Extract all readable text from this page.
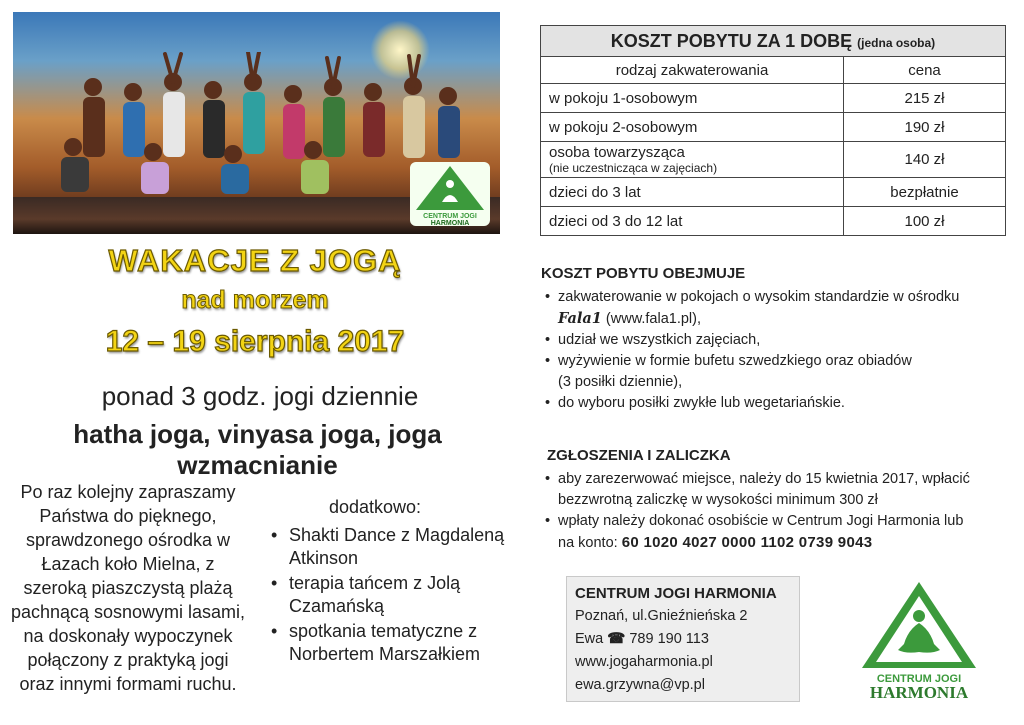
CENTRUM JOGI
HARMONIA
WAKACJE Z JOGĄ
nad morzem
12 – 19 sierpnia 2017
ponad 3 godz. jogi dziennie
hatha joga, vinyasa joga, joga wzmacnianie
Po raz kolejny zapraszamy
Państwa do pięknego,
sprawdzonego ośrodka w
Łazach koło Mielna, z
szeroką piaszczystą plażą
pachnącą sosnowymi lasami,
na doskonały wypoczynek
połączony z praktyką jogi
oraz innymi formami ruchu.
dodatkowo:
• Shakti Dance z Magdaleną Atkinson
• terapia tańcem z Jolą Czamańską
• spotkania tematyczne z Norbertem Marszałkiem
KOSZT POBYTU ZA 1 DOBĘ (jedna osoba)	
rodzaj zakwaterowania	cena
w pokoju 1-osobowym	215 zł
w pokoju 2-osobowym	190 zł

osoba towarzysząca
(nie uczestnicząca w zajęciach)	140 zł
dzieci do 3 lat	bezpłatnie
dzieci od 3 do 12 lat	100 zł
KOSZT POBYTU OBEJMUJE
• zakwaterowanie w pokojach o wysokim standardzie w ośrodku
Fala1 (www.fala1.pl),
• udział we wszystkich zajęciach,
• wyżywienie w formie bufetu szwedzkiego oraz obiadów
(3 posiłki dziennie),
• do wyboru posiłki zwykłe lub wegetariańskie.
ZGŁOSZENIA I ZALICZKA
• aby zarezerwować miejsce, należy do 15 kwietnia 2017, wpłacić
bezzwrotną zaliczkę w wysokości minimum 300 zł
• wpłaty należy dokonać osobiście w Centrum Jogi Harmonia lub
na konto: 60 1020 4027 0000 1102 0739 9043
CENTRUM JOGI HARMONIA
Poznań, ul.Gnieźnieńska 2
Ewa ☎ 789 190 113
www.jogaharmonia.pl
ewa.grzywna@vp.pl	CENTRUM JOGI
HARMONIA
